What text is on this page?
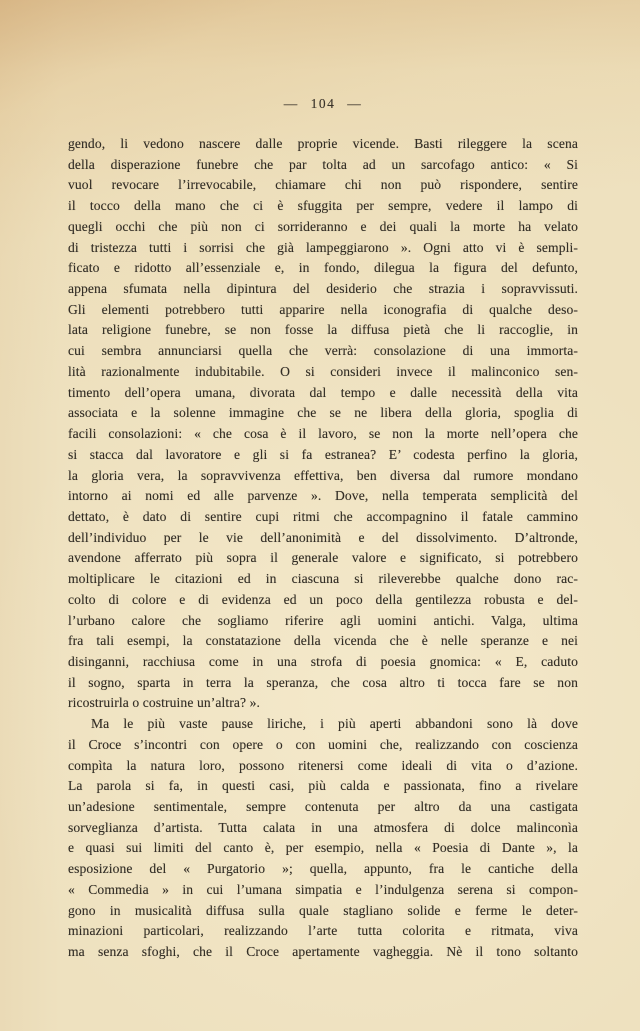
— 104 —
gendo, li vedono nascere dalle proprie vicende. Basti rileggere la scena
della disperazione funebre che par tolta ad un sarcofago antico: « Si
vuol revocare l’irrevocabile, chiamare chi non può rispondere, sentire
il tocco della mano che ci è sfuggita per sempre, vedere il lampo di
quegli occhi che più non ci sorrideranno e dei quali la morte ha velato
di tristezza tutti i sorrisi che già lampeggiarono ». Ogni atto vi è sempli-
ficato e ridotto all’essenziale e, in fondo, dilegua la figura del defunto,
appena sfumata nella dipintura del desiderio che strazia i sopravvissuti.
Gli elementi potrebbero tutti apparire nella iconografia di qualche deso-
lata religione funebre, se non fosse la diffusa pietà che li raccoglie, in
cui sembra annunciarsi quella che verrà: consolazione di una immorta-
lità razionalmente indubitabile. O si consideri invece il malinconico sen-
timento dell’opera umana, divorata dal tempo e dalle necessità della vita
associata e la solenne immagine che se ne libera della gloria, spoglia di
facili consolazioni: « che cosa è il lavoro, se non la morte nell’opera che
si stacca dal lavoratore e gli si fa estranea? E’ codesta perfino la gloria,
la gloria vera, la sopravvivenza effettiva, ben diversa dal rumore mondano
intorno ai nomi ed alle parvenze ». Dove, nella temperata semplicità del
dettato, è dato di sentire cupi ritmi che accompagnino il fatale cammino
dell’individuo per le vie dell’anonimità e del dissolvimento. D’altronde,
avendone afferrato più sopra il generale valore e significato, si potrebbero
moltiplicare le citazioni ed in ciascuna si rileverebbe qualche dono rac-
colto di colore e di evidenza ed un poco della gentilezza robusta e del-
l’urbano calore che sogliamo riferire agli uomini antichi. Valga, ultima
fra tali esempi, la constatazione della vicenda che è nelle speranze e nei
disinganni, racchiusa come in una strofa di poesia gnomica: « E, caduto
il sogno, sparta in terra la speranza, che cosa altro ti tocca fare se non
ricostruirla o costruine un’altra? ».
Ma le più vaste pause liriche, i più aperti abbandoni sono là dove
il Croce s’incontri con opere o con uomini che, realizzando con coscienza
compìta la natura loro, possono ritenersi come ideali di vita o d’azione.
La parola si fa, in questi casi, più calda e passionata, fino a rivelare
un’adesione sentimentale, sempre contenuta per altro da una castigata
sorveglianza d’artista. Tutta calata in una atmosfera di dolce malinconìa
e quasi sui limiti del canto è, per esempio, nella « Poesia di Dante », la
esposizione del « Purgatorio »; quella, appunto, fra le cantiche della
« Commedia » in cui l’umana simpatia e l’indulgenza serena si compon-
gono in musicalità diffusa sulla quale stagliano solide e ferme le deter-
minazioni particolari, realizzando l’arte tutta colorita e ritmata, viva
ma senza sfoghi, che il Croce apertamente vagheggia. Nè il tono soltanto
